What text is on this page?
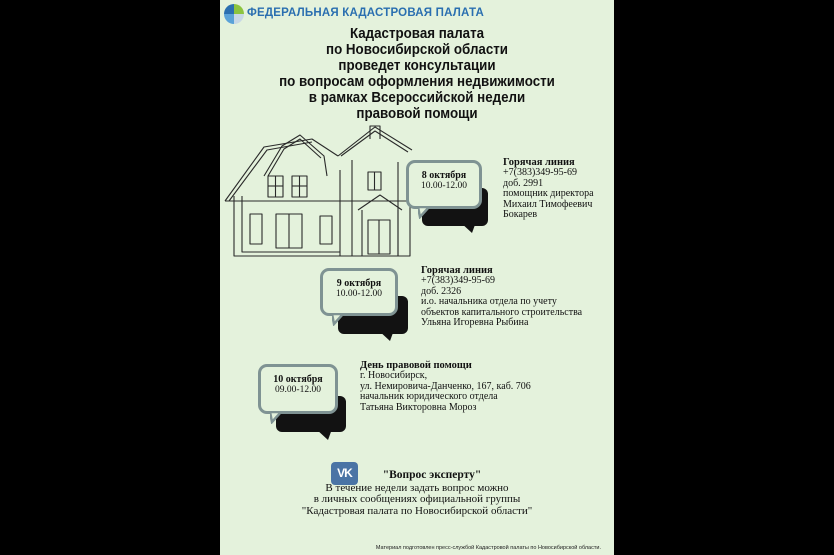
ФЕДЕРАЛЬНАЯ КАДАСТРОВАЯ ПАЛАТА
Кадастровая палата
по Новосибирской области
проведет консультации
по вопросам оформления недвижимости
в рамках Всероссийской недели
правовой помощи
8 октября
10.00-12.00
Горячая линия
+7(383)349-95-69
доб. 2991
помощник директора
Михаил Тимофеевич
Бокарев
9 октября
10.00-12.00
Горячая линия
+7(383)349-95-69
доб. 2326
и.о. начальника отдела по учету
объектов капитального строительства
Ульяна Игоревна Рыбина
10 октября
09.00-12.00
День правовой помощи
г. Новосибирск,
ул. Немировича-Данченко, 167, каб. 706
начальник юридического отдела
Татьяна Викторовна Мороз
VK	"Вопрос эксперту"
В течение недели задать вопрос можно
в личных сообщениях официальной группы
"Кадастровая палата по Новосибирской области"
Материал подготовлен пресс-службой Кадастровой палаты по Новосибирской области.
